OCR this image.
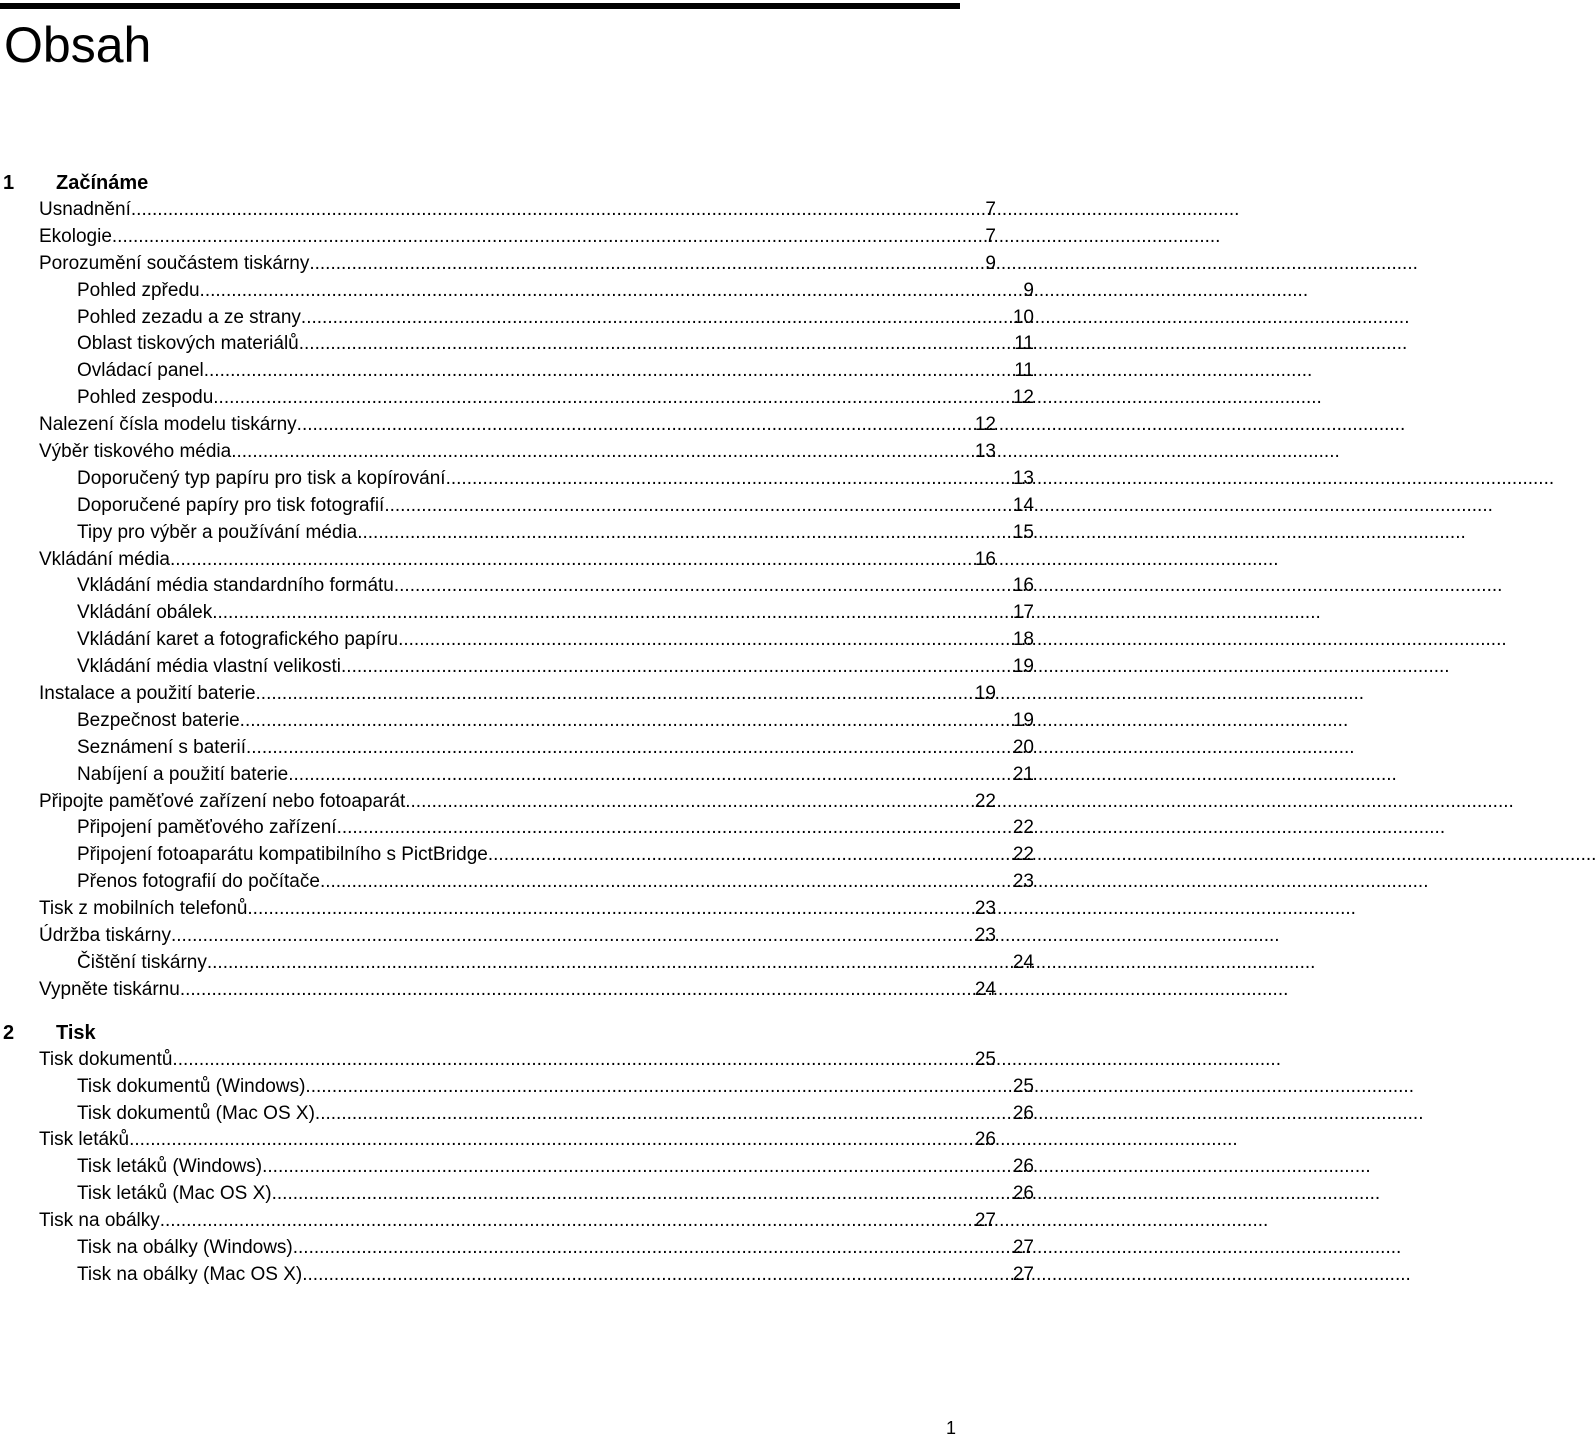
Obsah
1	Začínáme
Usnadnění .....	7
Ekologie .....	7
Porozumění součástem tiskárny .....	9
Pohled zpředu .....	9
Pohled zezadu a ze strany .....	10
Oblast tiskových materiálů .....	11
Ovládací panel .....	11
Pohled zespodu .....	12
Nalezení čísla modelu tiskárny .....	12
Výběr tiskového média .....	13
Doporučený typ papíru pro tisk a kopírování .....	13
Doporučené papíry pro tisk fotografií .....	14
Tipy pro výběr a používání média .....	15
Vkládání média .....	16
Vkládání média standardního formátu .....	16
Vkládání obálek .....	17
Vkládání karet a fotografického papíru .....	18
Vkládání média vlastní velikosti .....	19
Instalace a použití baterie .....	19
Bezpečnost baterie .....	19
Seznámení s baterií .....	20
Nabíjení a použití baterie .....	21
Připojte paměťové zařízení nebo fotoaparát .....	22
Připojení paměťového zařízení .....	22
Připojení fotoaparátu kompatibilního s PictBridge .....	22
Přenos fotografií do počítače .....	23
Tisk z mobilních telefonů .....	23
Údržba tiskárny .....	23
Čištění tiskárny .....	24
Vypněte tiskárnu .....	24
2	Tisk
Tisk dokumentů .....	25
Tisk dokumentů (Windows) .....	25
Tisk dokumentů (Mac OS X) .....	26
Tisk letáků .....	26
Tisk letáků (Windows) .....	26
Tisk letáků (Mac OS X) .....	26
Tisk na obálky .....	27
Tisk na obálky (Windows) .....	27
Tisk na obálky (Mac OS X) .....	27
1
